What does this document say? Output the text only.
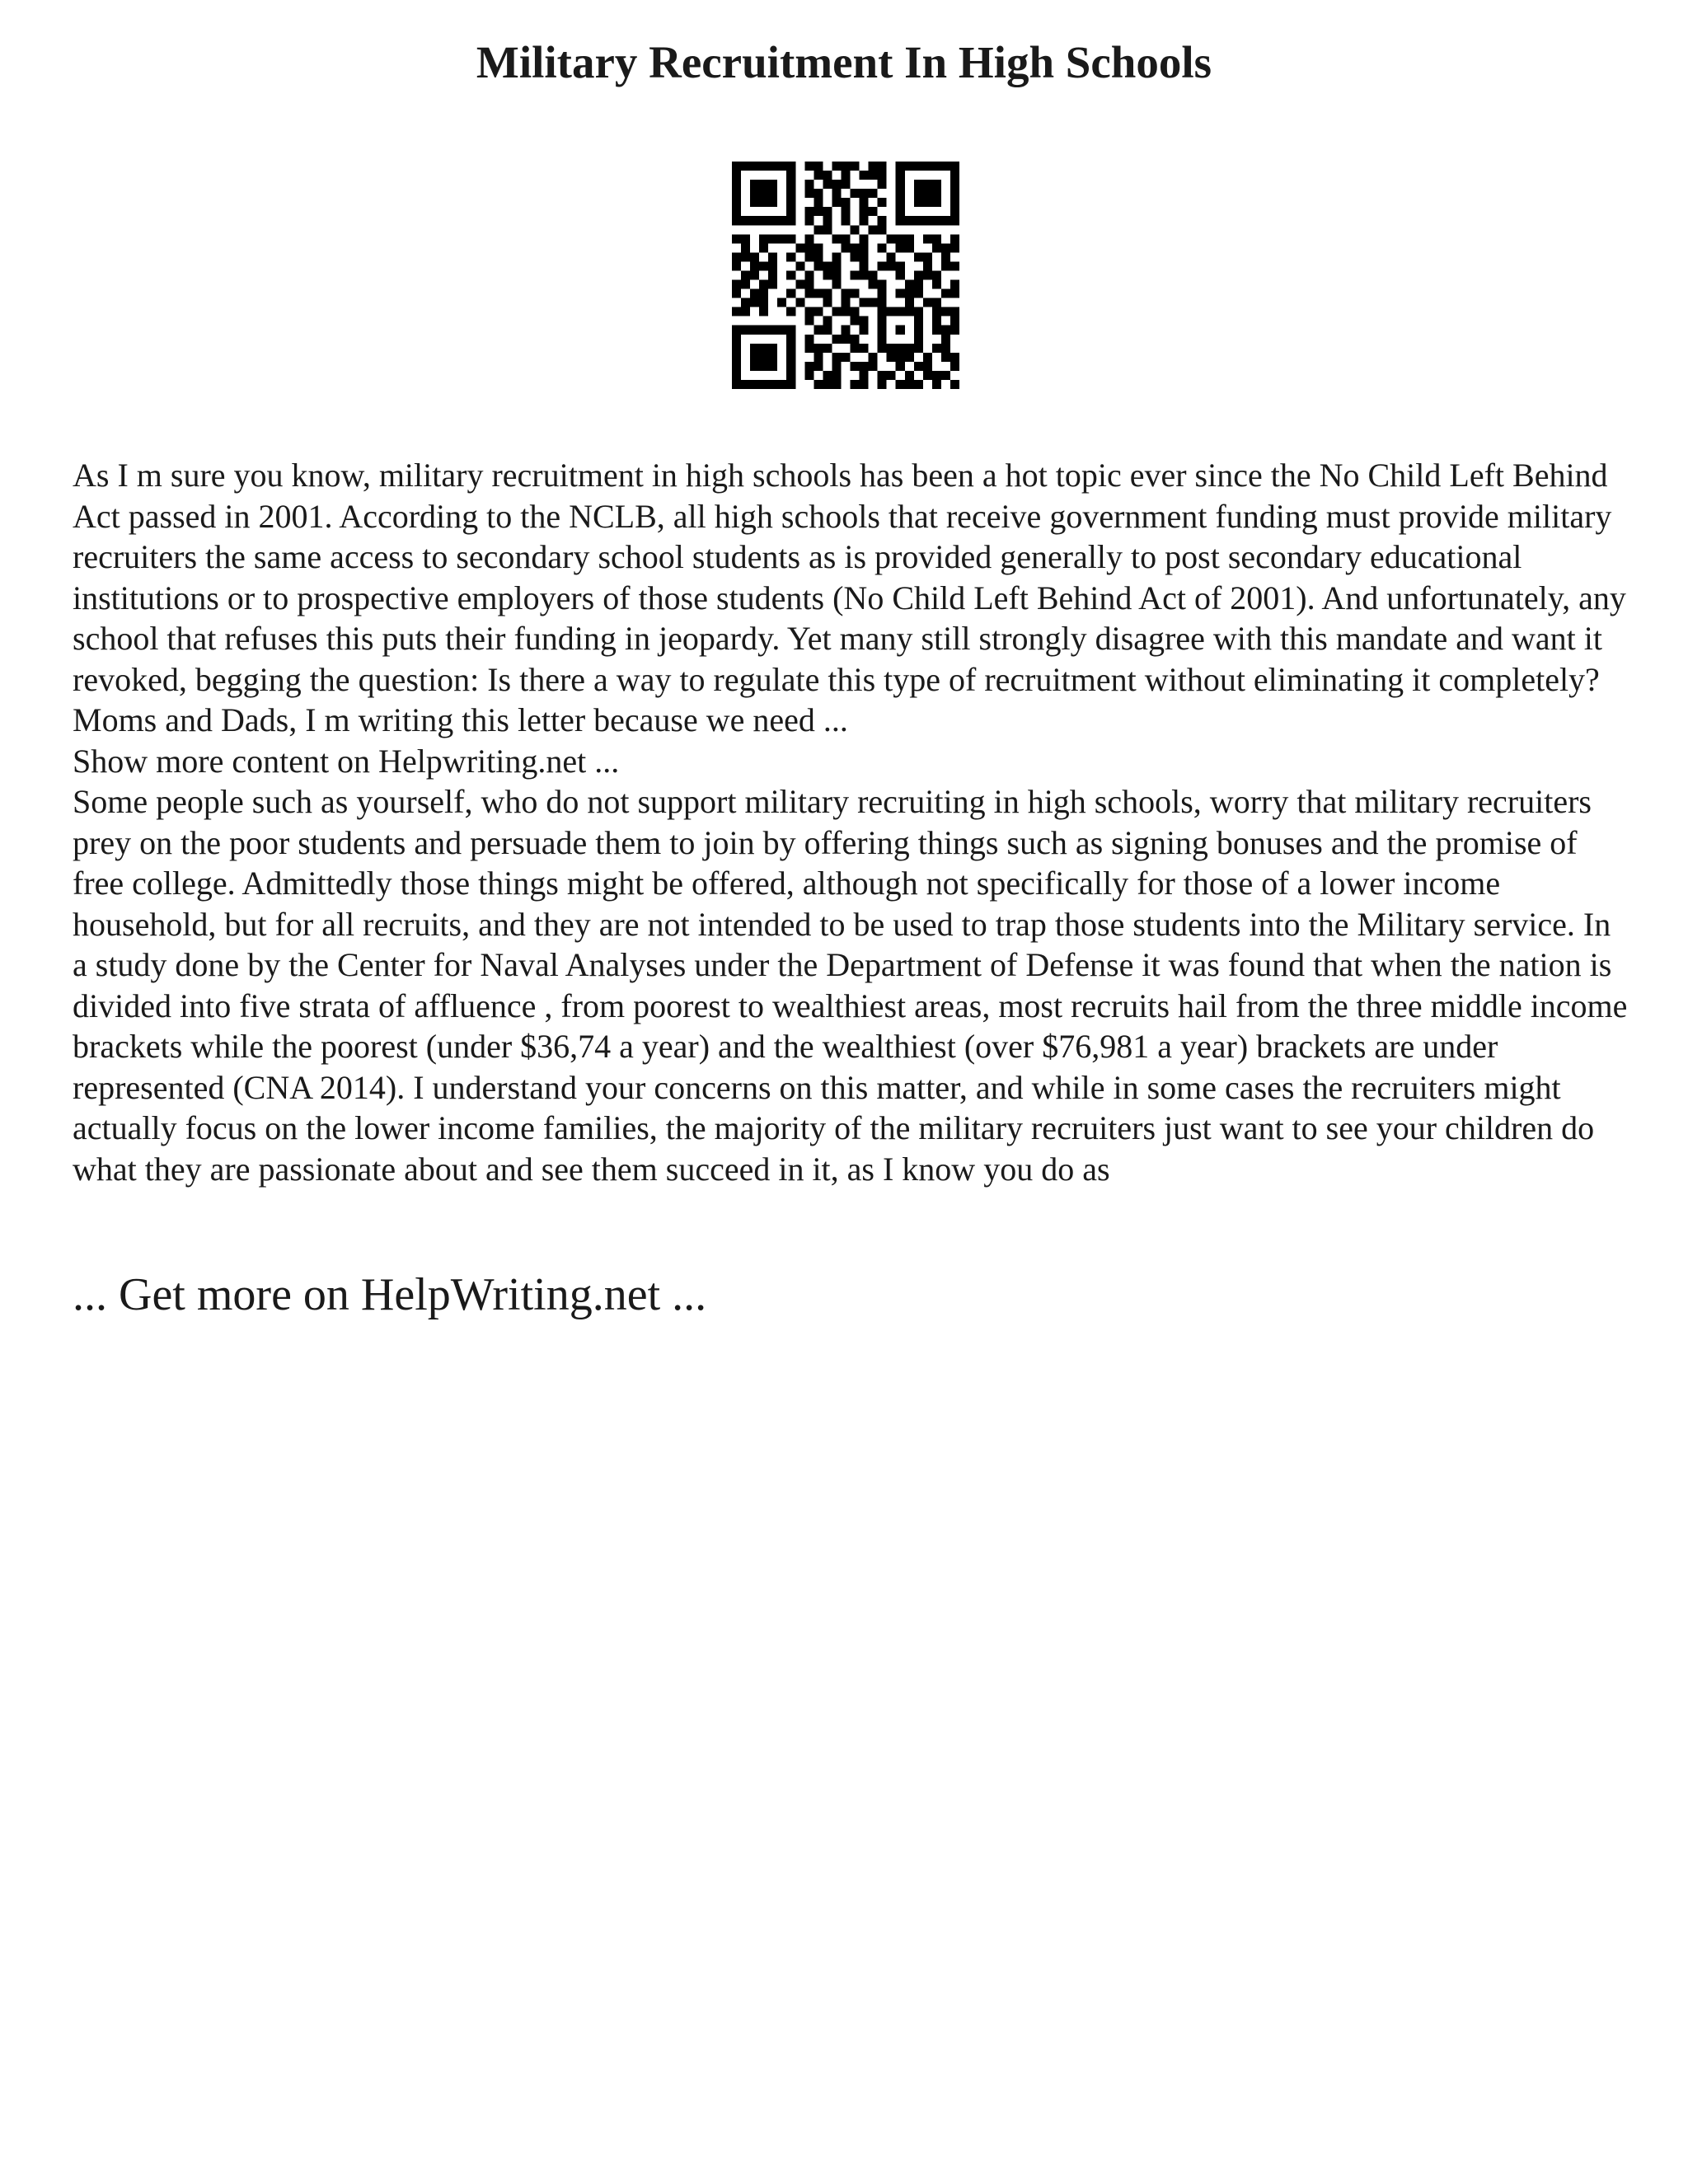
Military Recruitment In High Schools

As I m sure you know, military recruitment in high schools has been a hot topic ever since the No Child Left Behind Act passed in 2001. According to the NCLB, all high schools that receive government funding must provide military recruiters the same access to secondary school students as is provided generally to post secondary educational institutions or to prospective employers of those students (No Child Left Behind Act of 2001). And unfortunately, any school that refuses this puts their funding in jeopardy. Yet many still strongly disagree with this mandate and want it revoked, begging the question: Is there a way to regulate this type of recruitment without eliminating it completely? Moms and Dads, I m writing this letter because we need ...

Show more content on Helpwriting.net ...

Some people such as yourself, who do not support military recruiting in high schools, worry that military recruiters prey on the poor students and persuade them to join by offering things such as signing bonuses and the promise of free college. Admittedly those things might be offered, although not specifically for those of a lower income household, but for all recruits, and they are not intended to be used to trap those students into the Military service. In a study done by the Center for Naval Analyses under the Department of Defense it was found that when the nation is divided into five strata of affluence , from poorest to wealthiest areas, most recruits hail from the three middle income brackets while the poorest (under $36,74 a year) and the wealthiest (over $76,981 a year) brackets are under represented (CNA 2014). I understand your concerns on this matter, and while in some cases the recruiters might actually focus on the lower income families, the majority of the military recruiters just want to see your children do what they are passionate about and see them succeed in it, as I know you do as

... Get more on HelpWriting.net ...
